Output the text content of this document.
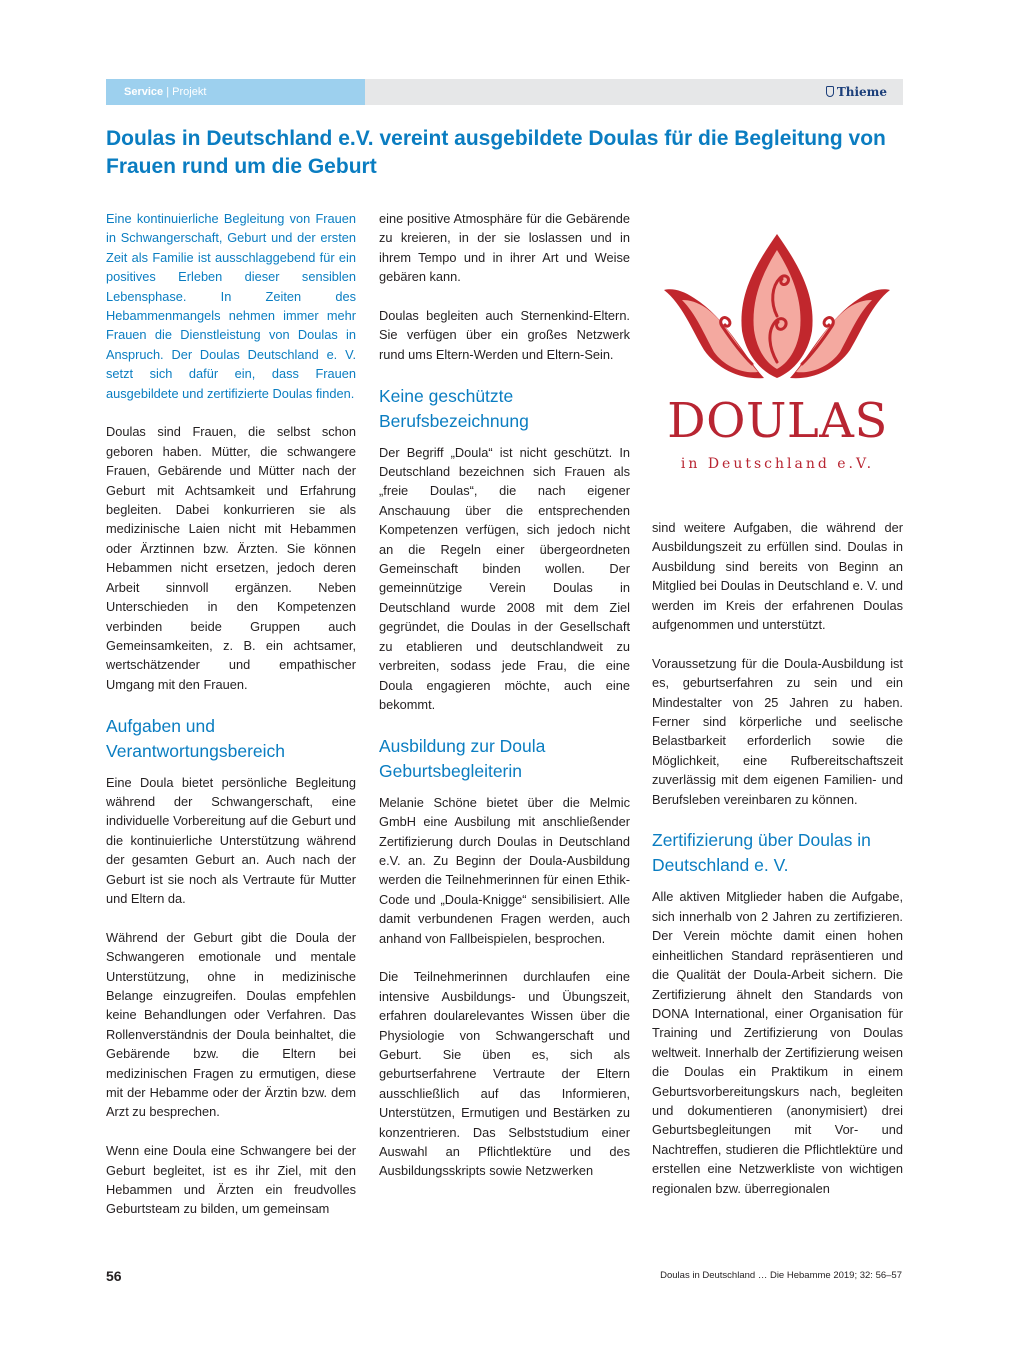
Service | Projekt	Thieme
Doulas in Deutschland e.V. vereint ausgebildete Doulas für die Begleitung von Frauen rund um die Geburt

Eine kontinuierliche Begleitung von Frauen in Schwangerschaft, Geburt und der ersten Zeit als Familie ist ausschlaggebend für ein positives Erleben dieser sensiblen Lebensphase. In Zeiten des Hebammenmangels nehmen immer mehr Frauen die Dienstleistung von Doulas in Anspruch. Der Doulas Deutschland e. V. setzt sich dafür ein, dass Frauen ausgebildete und zertifizierte Doulas finden.

Doulas sind Frauen, die selbst schon geboren haben. Mütter, die schwangere Frauen, Gebärende und Mütter nach der Geburt mit Achtsamkeit und Erfahrung begleiten. Dabei konkurrieren sie als medizinische Laien nicht mit Hebammen oder Ärztinnen bzw. Ärzten. Sie können Hebammen nicht ersetzen, jedoch deren Arbeit sinnvoll ergänzen. Neben Unterschieden in den Kompetenzen verbinden beide Gruppen auch Gemeinsamkeiten, z. B. ein achtsamer, wertschätzender und empathischer Umgang mit den Frauen.

Aufgaben und Verantwortungsbereich

Eine Doula bietet persönliche Begleitung während der Schwangerschaft, eine individuelle Vorbereitung auf die Geburt und die kontinuierliche Unterstützung während der gesamten Geburt an. Auch nach der Geburt ist sie noch als Vertraute für Mutter und Eltern da.

Während der Geburt gibt die Doula der Schwangeren emotionale und mentale Unterstützung, ohne in medizinische Belange einzugreifen. Doulas empfehlen keine Behandlungen oder Verfahren. Das Rollenverständnis der Doula beinhaltet, die Gebärende bzw. die Eltern bei medizinischen Fragen zu ermutigen, diese mit der Hebamme oder der Ärztin bzw. dem Arzt zu besprechen.

Wenn eine Doula eine Schwangere bei der Geburt begleitet, ist es ihr Ziel, mit den Hebammen und Ärzten ein freudvolles Geburtsteam zu bilden, um gemeinsam

eine positive Atmosphäre für die Gebärende zu kreieren, in der sie loslassen und in ihrem Tempo und in ihrer Art und Weise gebären kann.

Doulas begleiten auch Sternenkind-Eltern. Sie verfügen über ein großes Netzwerk rund ums Eltern-Werden und Eltern-Sein.

Keine geschützte Berufsbezeichnung

Der Begriff „Doula“ ist nicht geschützt. In Deutschland bezeichnen sich Frauen als „freie Doulas“, die nach eigener Anschauung über die entsprechenden Kompetenzen verfügen, sich jedoch nicht an die Regeln einer übergeordneten Gemeinschaft binden wollen. Der gemeinnützige Verein Doulas in Deutschland wurde 2008 mit dem Ziel gegründet, die Doulas in der Gesellschaft zu etablieren und deutschlandweit zu verbreiten, sodass jede Frau, die eine Doula engagieren möchte, auch eine bekommt.

Ausbildung zur Doula Geburtsbegleiterin

Melanie Schöne bietet über die Melmic GmbH eine Ausbilung mit anschließender Zertifizierung durch Doulas in Deutschland e.V. an. Zu Beginn der Doula-Ausbildung werden die Teilnehmerinnen für einen Ethik-Code und „Doula-Knigge“ sensibilisiert. Alle damit verbundenen Fragen werden, auch anhand von Fallbeispielen, besprochen.

Die Teilnehmerinnen durchlaufen eine intensive Ausbildungs- und Übungszeit, erfahren doularelevantes Wissen über die Physiologie von Schwangerschaft und Geburt. Sie üben es, sich als geburtserfahrene Vertraute der Eltern ausschließlich auf das Informieren, Unterstützen, Ermutigen und Bestärken zu konzentrieren. Das Selbststudium einer Auswahl an Pflichtlektüre und des Ausbildungsskripts sowie Netzwerken

DOULAS
in Deutschland e.V.

sind weitere Aufgaben, die während der Ausbildungszeit zu erfüllen sind. Doulas in Ausbildung sind bereits von Beginn an Mitglied bei Doulas in Deutschland e. V. und werden im Kreis der erfahrenen Doulas aufgenommen und unterstützt.

Voraussetzung für die Doula-Ausbildung ist es, geburtserfahren zu sein und ein Mindestalter von 25 Jahren zu haben. Ferner sind körperliche und seelische Belastbarkeit erforderlich sowie die Möglichkeit, eine Rufbereitschaftszeit zuverlässig mit dem eigenen Familien- und Berufsleben vereinbaren zu können.

Zertifizierung über Doulas in Deutschland e. V.

Alle aktiven Mitglieder haben die Aufgabe, sich innerhalb von 2 Jahren zu zertifizieren. Der Verein möchte damit einen hohen einheitlichen Standard repräsentieren und die Qualität der Doula-Arbeit sichern. Die Zertifizierung ähnelt den Standards von DONA International, einer Organisation für Training und Zertifizierung von Doulas weltweit. Innerhalb der Zertifizierung weisen die Doulas ein Praktikum in einem Geburtsvorbereitungskurs nach, begleiten und dokumentieren (anonymisiert) drei Geburtsbegleitungen mit Vor- und Nachtreffen, studieren die Pflichtlektüre und erstellen eine Netzwerkliste von wichtigen regionalen bzw. überregionalen

56	Doulas in Deutschland … Die Hebamme 2019; 32: 56–57
